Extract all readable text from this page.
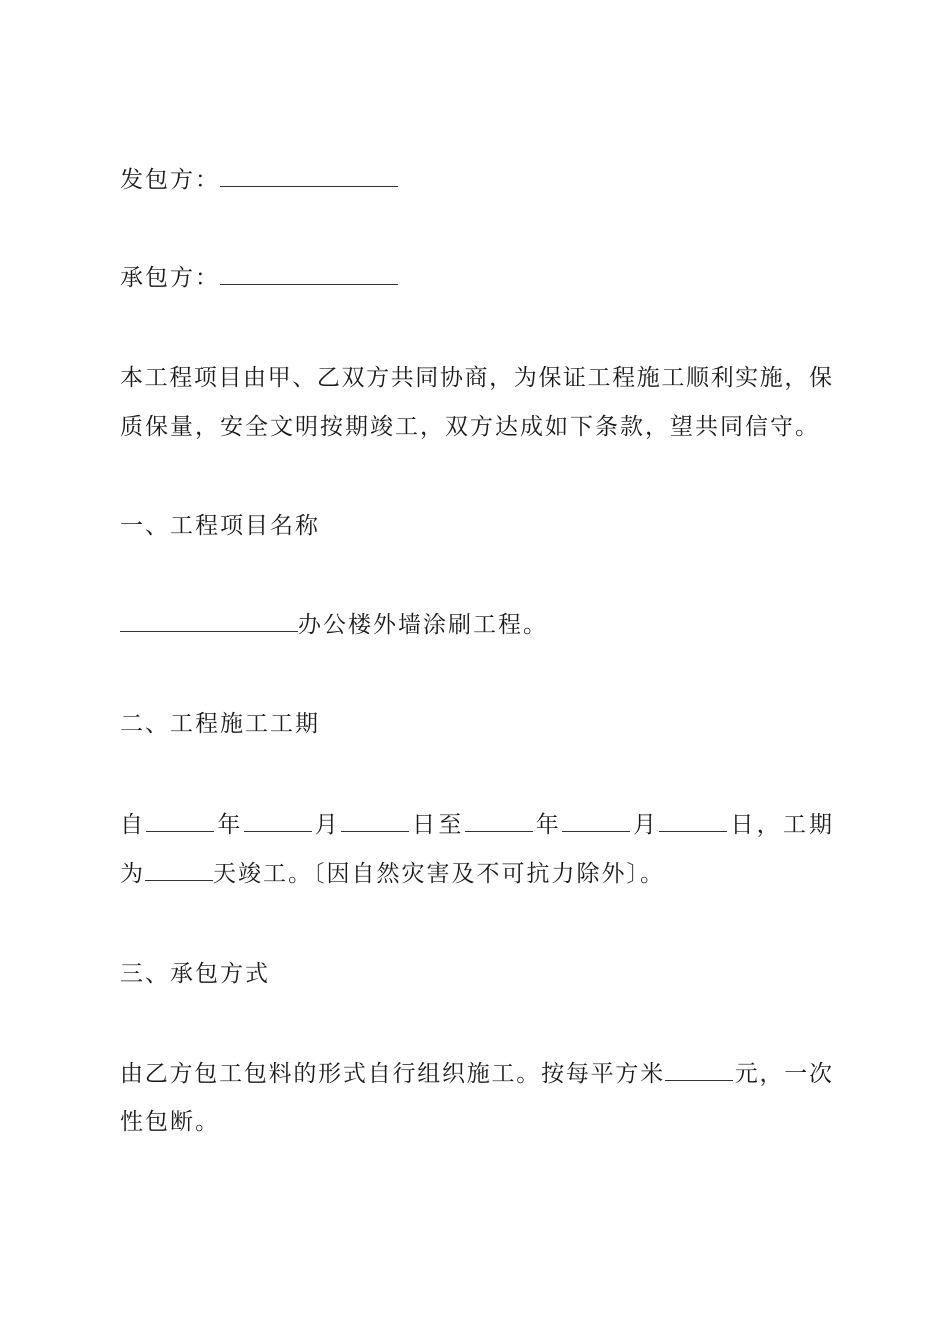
发包方：
承包方：
本工程项目由甲、乙双方共同协商，为保证工程施工顺利实施，保
质保量，安全文明按期竣工，双方达成如下条款，望共同信守。
一、工程项目名称
办公楼外墙涂刷工程。
二、工程施工工期
自	年	月	日至	年	月	日，工期
为	天竣工。〔因自然灾害及不可抗力除外〕。
三、承包方式
由乙方包工包料的形式自行组织施工。按每平方米	元，一次
性包断。
